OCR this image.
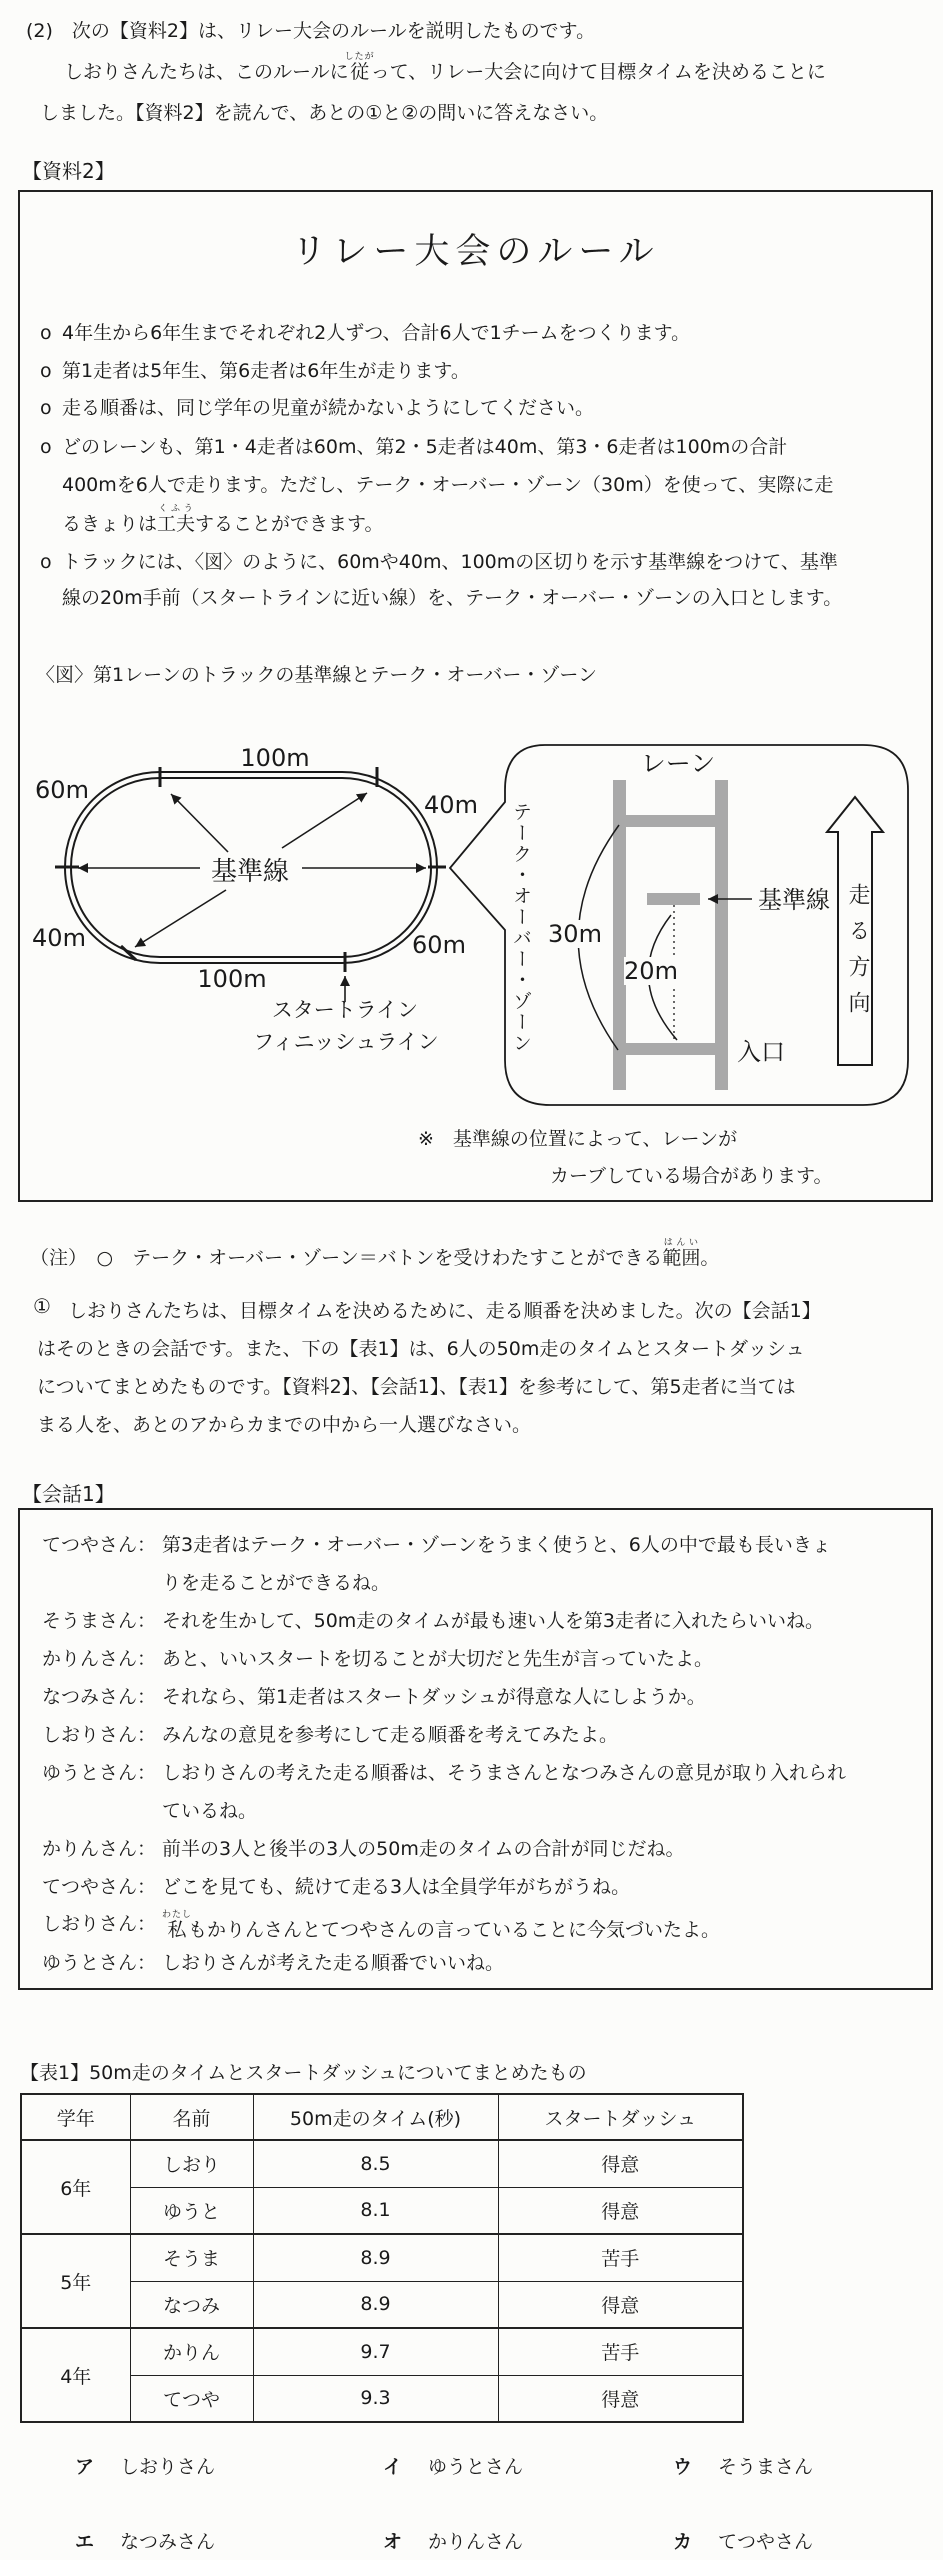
(2)　次の【資料2】は、リレー大会のルールを説明したものです。
しおりさんたちは、このルールに従したがって、リレー大会に向けて目標タイムを決めることに
しました。【資料2】を読んで、あとの①と②の問いに答えなさい。
【資料2】
リレー大会のルール
o 4年生から6年生までそれぞれ2人ずつ、合計6人で1チームをつくります。
o 第1走者は5年生、第6走者は6年生が走ります。
o 走る順番は、同じ学年の児童が続かないようにしてください。
o どのレーンも、第1・4走者は60m、第2・5走者は40m、第3・6走者は100mの合計
400mを6人で走ります。ただし、テーク・オーバー・ゾーン（30m）を使って、実際に走
るきょりは工夫くふうすることができます。
o トラックには、〈図〉のように、60mや40m、100mの区切りを示す基準線をつけて、基準
線の20m手前（スタートラインに近い線）を、テーク・オーバー・ゾーンの入口とします。
〈図〉第1レーンのトラックの基準線とテーク・オーバー・ゾーン
60m
100m
40m
基準線
40m	60m
100m
スタートライン
フィニッシュライン
レーン
30m
20m
基準線
入口
テーク・オーバー・ゾーン	走る方向
※　基準線の位置によって、レーンが
カーブしている場合があります。
（注）　○　テーク・オーバー・ゾーン＝バトンを受けわたすことができる範囲はんい。
① しおりさんたちは、目標タイムを決めるために、走る順番を決めました。次の【会話1】
はそのときの会話です。また、下の【表1】は、6人の50m走のタイムとスタートダッシュ
についてまとめたものです。【資料2】、【会話1】、【表1】を参考にして、第5走者に当ては
まる人を、あとのアからカまでの中から一人選びなさい。
【会話1】
てつやさん： 第3走者はテーク・オーバー・ゾーンをうまく使うと、6人の中で最も長いきょ
りを走ることができるね。
そうまさん： それを生かして、50m走のタイムが最も速い人を第3走者に入れたらいいね。
かりんさん： あと、いいスタートを切ることが大切だと先生が言っていたよ。
なつみさん： それなら、第1走者はスタートダッシュが得意な人にしようか。
しおりさん： みんなの意見を参考にして走る順番を考えてみたよ。
ゆうとさん： しおりさんの考えた走る順番は、そうまさんとなつみさんの意見が取り入れられ
ているね。
かりんさん： 前半の3人と後半の3人の50m走のタイムの合計が同じだね。
てつやさん： どこを見ても、続けて走る3人は全員学年がちがうね。
しおりさん： 私わたしもかりんさんとてつやさんの言っていることに今気づいたよ。
ゆうとさん： しおりさんが考えた走る順番でいいね。
【表1】50m走のタイムとスタートダッシュについてまとめたもの
学年	名前	50m走のタイム(秒)	スタートダッシュ
6年	しおり	8.5	得意
	ゆうと	8.1	得意
5年	そうま	8.9	苦手
	なつみ	8.9	得意
4年	かりん	9.7	苦手
	てつや	9.3	得意
ア しおりさん	イ ゆうとさん	ウ そうまさん
エ なつみさん	オ かりんさん	カ てつやさん
